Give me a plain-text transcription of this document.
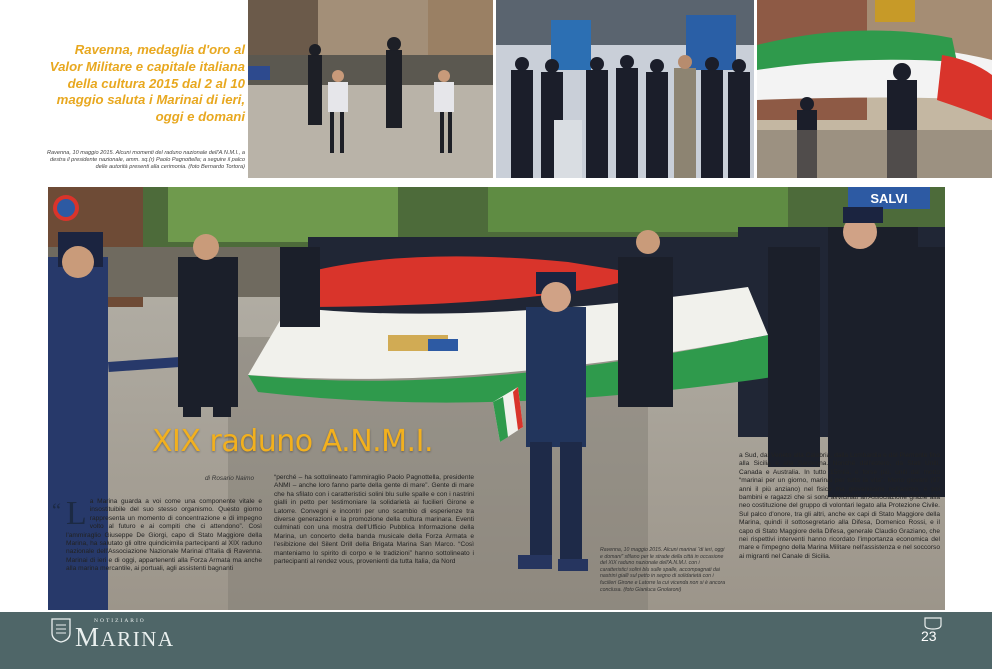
Ravenna, medaglia d'oro al Valor Militare e capitale italiana della cultura 2015 dal 2 al 10 maggio saluta i Marinai di ieri, oggi e domani
Ravenna, 10 maggio 2015. Alcuni momenti del raduno nazionale dell'A.N.M.I., a destra il presidente nazionale, amm. sq.(r) Paolo Pagnottella; a seguire il palco delle autorità presenti alla cerimonia. (foto Bernardo Tortora)
SALVI
XIX raduno A.N.M.I.
di Rosario Naimo
“ L a Marina guarda a voi come una componente vitale e insostituibile del suo stesso organismo. Questo giorno rappresenta un momento di concentrazione e di impegno volto al futuro e ai compiti che ci attendono”. Così l'ammiraglio Giuseppe De Giorgi, capo di Stato Maggiore della Marina, ha salutato gli oltre quindicimila partecipanti al XIX raduno nazionale dell'Associazione Nazionale Marinai d'Italia di Ravenna. Marinai di ieri e di oggi, appartenenti alla Forza Armata ma anche alla marina mercantile, ai portuali, agli assistenti bagnanti
“perché – ha sottolineato l'ammiraglio Paolo Pagnottella, presidente ANMI – anche loro fanno parte della gente di mare”. Gente di mare che ha sfilato con i caratteristici solini blu sulle spalle e con i nastrini gialli in petto per testimoniare la solidarietà ai fucilieri Girone e Latorre. Convegni e incontri per uno scambio di esperienze tra diverse generazioni e la promozione della cultura marinara. Eventi culminati con una mostra dell'Ufficio Pubblica Informazione della Marina, un concerto della banda musicale della Forza Armata e l'esibizione del Silent Drill della Brigata Marina San Marco. “Così manteniamo lo spirito di corpo e le tradizioni” hanno sottolineato i partecipanti al rendez vous, provenienti da tutta Italia, da Nord
a Sud, dal Veneto alla Calabria, dalla Lombardia e dal Piemonte fino alla Sicilia e alla Sardegna. Nonché dall'estero, da Stati Uniti, Canada e Australia. In tutto 15mila, e forse più, uniti dal motto “marinai per un giorno, marinai per tutta la vita”. Meno giovani (97 anni il più anziano) nel fisico ma giovanissimi nell'animo, e poi bambini e ragazzi che si sono avvicinati all'Associazione grazie alla neo costituzione del gruppo di volontari legato alla Protezione Civile. Sul palco d'onore, tra gli altri, anche ex capi di Stato Maggiore della Marina, quindi il sottosegretario alla Difesa, Domenico Rossi, e il capo di Stato Maggiore della Difesa, generale Claudio Graziano, che nei rispettivi interventi hanno ricordato l'importanza economica del mare e l'impegno della Marina Militare nell'assistenza e nel soccorso ai migranti nel Canale di Sicilia.
Ravenna, 10 maggio 2015. Alcuni marinai “di ieri, oggi e domani” sfilano per le strade della città in occasione del XIX raduno nazionale dell'A.N.M.I. con i caratteristici solini blu sulle spalle, accompagnati dai nastrini gialli sul petto in segno di solidarietà con i fucilieri Girone e Latorre la cui vicenda non si è ancora conclusa. (foto Gianluca Gnolaroni)
NOTIZIARIO
MARINA	23
